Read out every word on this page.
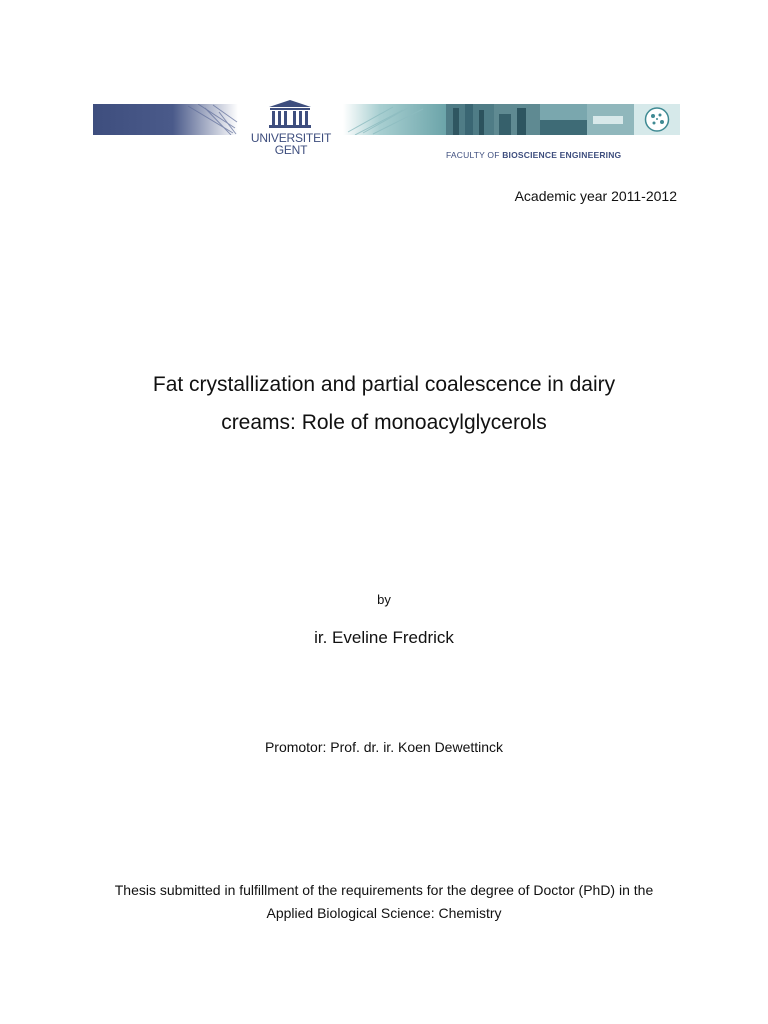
UNIVERSITEIT
GENT	FACULTY OF BIOSCIENCE ENGINEERING
Academic year 2011-2012
Fat crystallization and partial coalescence in dairy
creams: Role of monoacylglycerols
by
ir. Eveline Fredrick
Promotor: Prof. dr. ir. Koen Dewettinck
Thesis submitted in fulfillment of the requirements for the degree of Doctor (PhD) in the
Applied Biological Science: Chemistry
